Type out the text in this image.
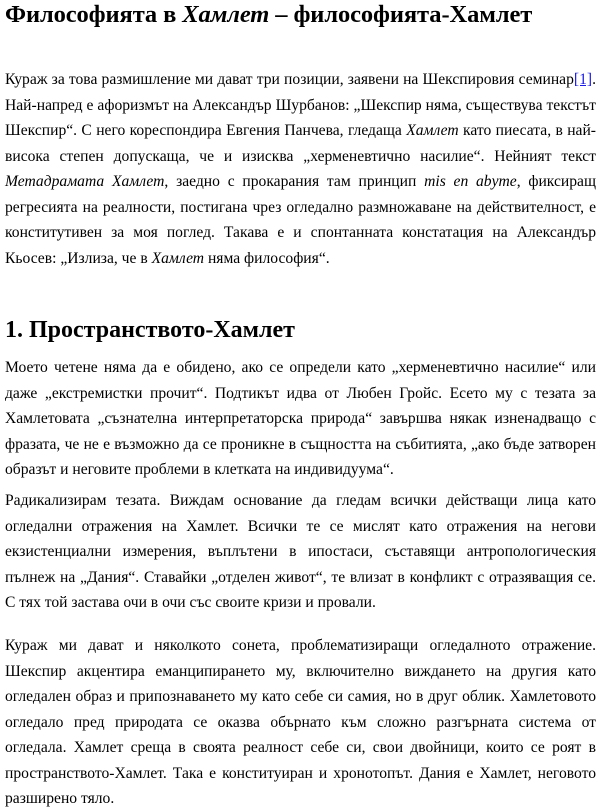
Философията в Хамлет – философията-Хамлет

Кураж за това размишление ми дават три позиции, заявени на Шекспировия семинар[1]. Най-напред е афоризмът на Александър Шурбанов: „Шекспир няма, съществува текстът Шекспир“. С него кореспондира Евгения Панчева, гледаща Хамлет като пиесата, в най-висока степен допускаща, че и изисква „херменевтично насилие“. Нейният текст Метадрамата Хамлет, заедно с прокарания там принцип mis en abyme, фиксиращ регресията на реалности, постигана чрез огледално размножаване на действителност, е конститутивен за моя поглед. Такава е и спонтанната констатация на Александър Кьосев: „Излиза, че в Хамлет няма философия“.

1. Пространството-Хамлет

Моето четене няма да е обидено, ако се определи като „херменевтично насилие“ или даже „екстремистки прочит“. Подтикът идва от Любен Гройс. Есето му с тезата за Хамлетовата „съзнателна интерпретаторска природа“ завършва някак изненадващо с фразата, че не е възможно да се проникне в същността на събитията, „ако бъде затворен образът и неговите проблеми в клетката на индивидуума“.

Радикализирам тезата. Виждам основание да гледам всички действащи лица като огледални отражения на Хамлет. Всички те се мислят като отражения на негови екзистенциални измерения, въплътени в ипостаси, съставящи антропологическия пълнеж на „Дания“. Ставайки „отделен живот“, те влизат в конфликт с отразяващия се. С тях той застава очи в очи със своите кризи и провали.

Кураж ми дават и няколкото сонета, проблематизиращи огледалното отражение. Шекспир акцентира еманципирането му, включително виждането на другия като огледален образ и припознаването му като себе си самия, но в друг облик. Хамлетовото огледало пред природата се оказва обърнато към сложно разгърната система от огледала. Хамлет среща в своята реалност себе си, свои двойници, които се роят в пространството-Хамлет. Така е конституиран и хронотопът. Дания е Хамлет, неговото разширено тяло.
